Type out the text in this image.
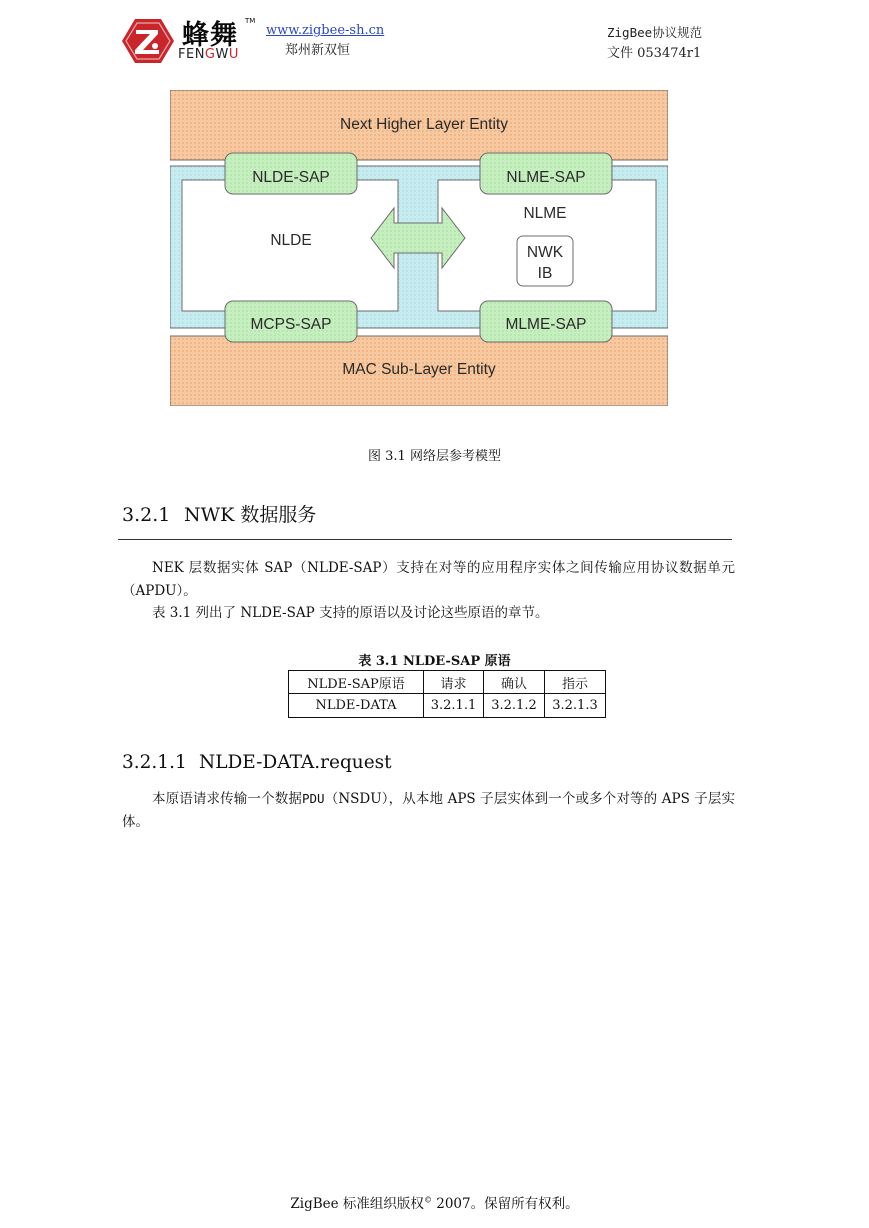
蜂舞 TM
FENGWU
www.zigbee-sh.cn
郑州新双恒
ZigBee协议规范
文件 053474r1
Next Higher Layer Entity
NLDE-SAP	NLME-SAP
NLDE
NLME
NWK
IB
MCPS-SAP	MLME-SAP
MAC Sub-Layer Entity
图 3.1 网络层参考模型
3.2.1 NWK 数据服务
NEK 层数据实体 SAP（NLDE-SAP）支持在对等的应用程序实体之间传输应用协议数据单元（APDU）。
表 3.1 列出了 NLDE-SAP 支持的原语以及讨论这些原语的章节。
表 3.1 NLDE-SAP 原语
NLDE-SAP原语	请求	确认	指示
NLDE-DATA	3.2.1.1	3.2.1.2	3.2.1.3
3.2.1.1 NLDE-DATA.request
本原语请求传输一个数据PDU（NSDU），从本地 APS 子层实体到一个或多个对等的 APS 子层实体。
ZigBee 标准组织版权© 2007。保留所有权利。
